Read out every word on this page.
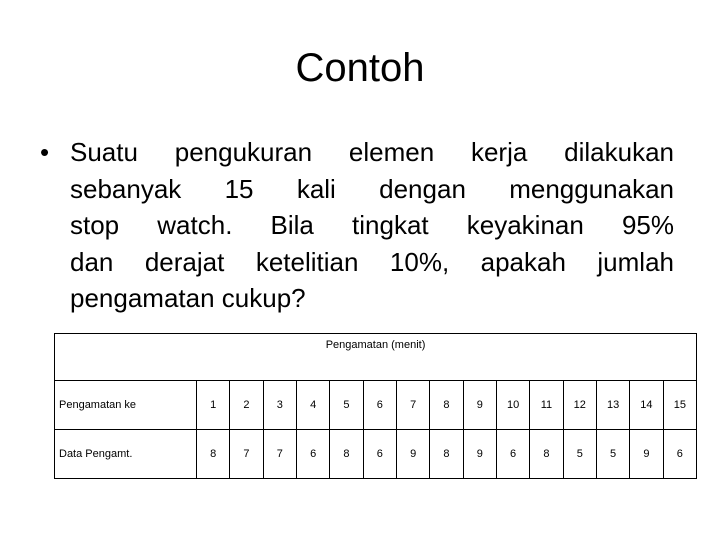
Contoh
• Suatu pengukuran elemen kerja dilakukan
sebanyak 15 kali dengan menggunakan
stop watch. Bila tingkat keyakinan 95%
dan derajat ketelitian 10%, apakah jumlah
pengamatan cukup?
Pengamatan (menit)															
Pengamatan ke	1	2	3	4	5	6	7	8	9	10	11	12	13	14	15
Data Pengamt.	8	7	7	6	8	6	9	8	9	6	8	5	5	9	6
